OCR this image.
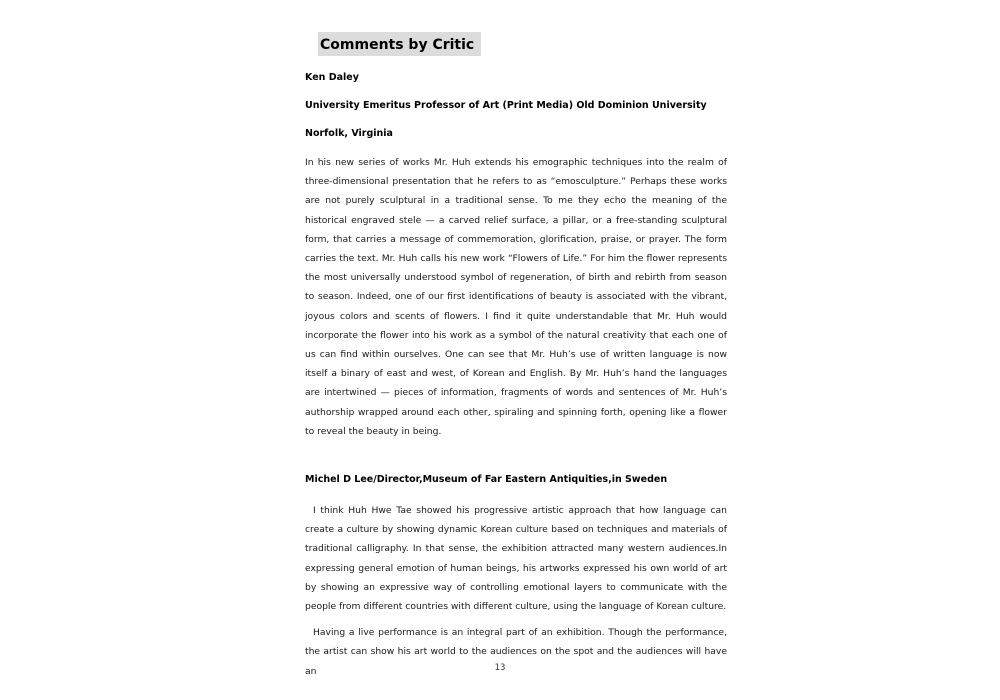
Comments by Critic

Ken Daley

University Emeritus Professor of Art (Print Media) Old Dominion University

Norfolk, Virginia

In his new series of works Mr. Huh extends his emographic techniques into the realm of three-dimensional presentation that he refers to as “emosculpture.” Perhaps these works are not purely sculptural in a traditional sense. To me they echo the meaning of the historical engraved stele — a carved relief surface, a pillar, or a free-standing sculptural form, that carries a message of commemoration, glorification, praise, or prayer. The form carries the text. Mr. Huh calls his new work “Flowers of Life.” For him the flower represents the most universally understood symbol of regeneration, of birth and rebirth from season to season. Indeed, one of our first identifications of beauty is associated with the vibrant, joyous colors and scents of flowers. I find it quite understandable that Mr. Huh would incorporate the flower into his work as a symbol of the natural creativity that each one of us can find within ourselves. One can see that Mr. Huh’s use of written language is now itself a binary of east and west, of Korean and English. By Mr. Huh’s hand the languages are intertwined — pieces of information, fragments of words and sentences of Mr. Huh’s authorship wrapped around each other, spiraling and spinning forth, opening like a flower to reveal the beauty in being.

Michel D Lee/Director,Museum of Far Eastern Antiquities,in Sweden

I think Huh Hwe Tae showed his progressive artistic approach that how language can create a culture by showing dynamic Korean culture based on techniques and materials of traditional calligraphy. In that sense, the exhibition attracted many western audiences.In expressing general emotion of human beings, his artworks expressed his own world of art by showing an expressive way of controlling emotional layers to communicate with the people from different countries with different culture, using the language of Korean culture.

Having a live performance is an integral part of an exhibition. Though the performance, the artist can show his art world to the audiences on the spot and the audiences will have an	13
